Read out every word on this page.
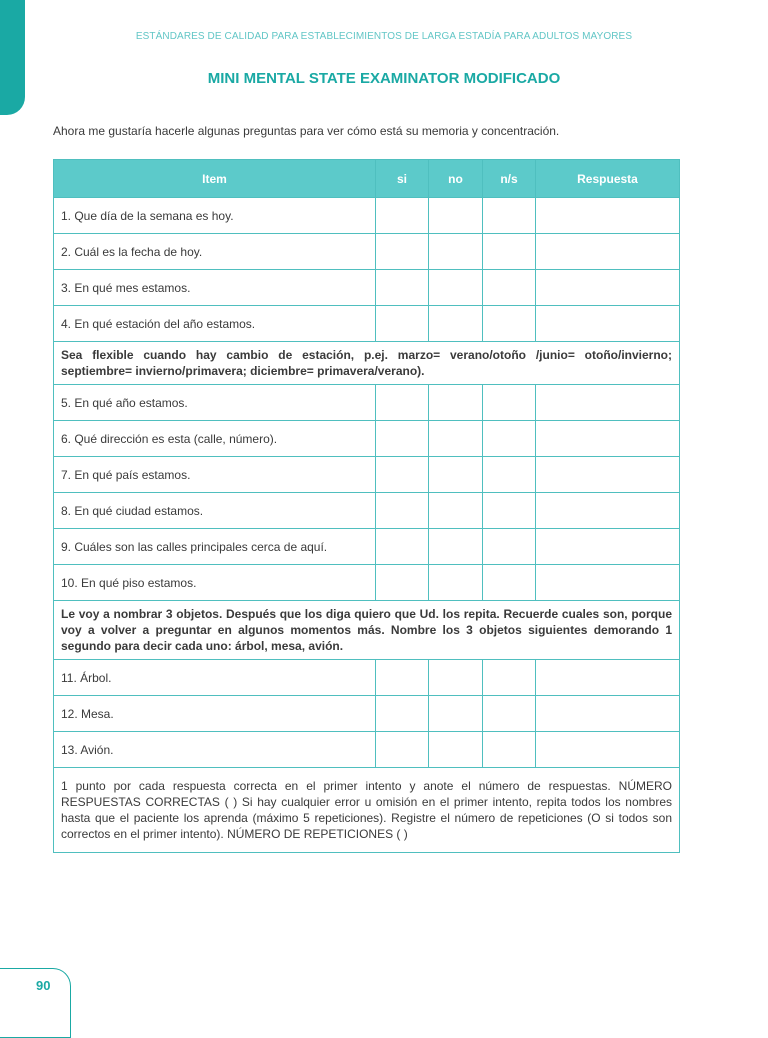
ESTÁNDARES DE CALIDAD PARA ESTABLECIMIENTOS DE LARGA ESTADÍA PARA ADULTOS MAYORES
MINI MENTAL STATE EXAMINATOR MODIFICADO
Ahora me gustaría hacerle algunas preguntas para ver cómo está su memoria y concentración.
Item	si	no	n/s	Respuesta
1. Que día de la semana es hoy.				
2. Cuál es la fecha de hoy.				
3. En qué mes estamos.				
4. En qué estación del año estamos.				
Sea flexible cuando hay cambio de estación, p.ej. marzo= verano/otoño /junio= otoño/invierno; septiembre= invierno/primavera; diciembre= primavera/verano).				
5. En qué año estamos.				
6. Qué dirección es esta (calle, número).				
7. En qué país estamos.				
8. En qué ciudad estamos.				
9. Cuáles son las calles principales cerca de aquí.				
10. En qué piso estamos.				
Le voy a nombrar 3 objetos. Después que los diga quiero que Ud. los repita. Recuerde cuales son, porque voy a volver a preguntar en algunos momentos más. Nombre los 3 objetos siguientes demorando 1 segundo para decir cada uno: árbol, mesa, avión.				
11. Árbol.				
12. Mesa.				
13. Avión.				
1 punto por cada respuesta correcta en el primer intento y anote el número de respuestas. NÚMERO RESPUESTAS CORRECTAS ( ) Si hay cualquier error u omisión en el primer intento, repita todos los nombres hasta que el paciente los aprenda (máximo 5 repeticiones). Registre el número de repeticiones (O si todos son correctos en el primer intento). NÚMERO DE REPETICIONES ( )				
90
